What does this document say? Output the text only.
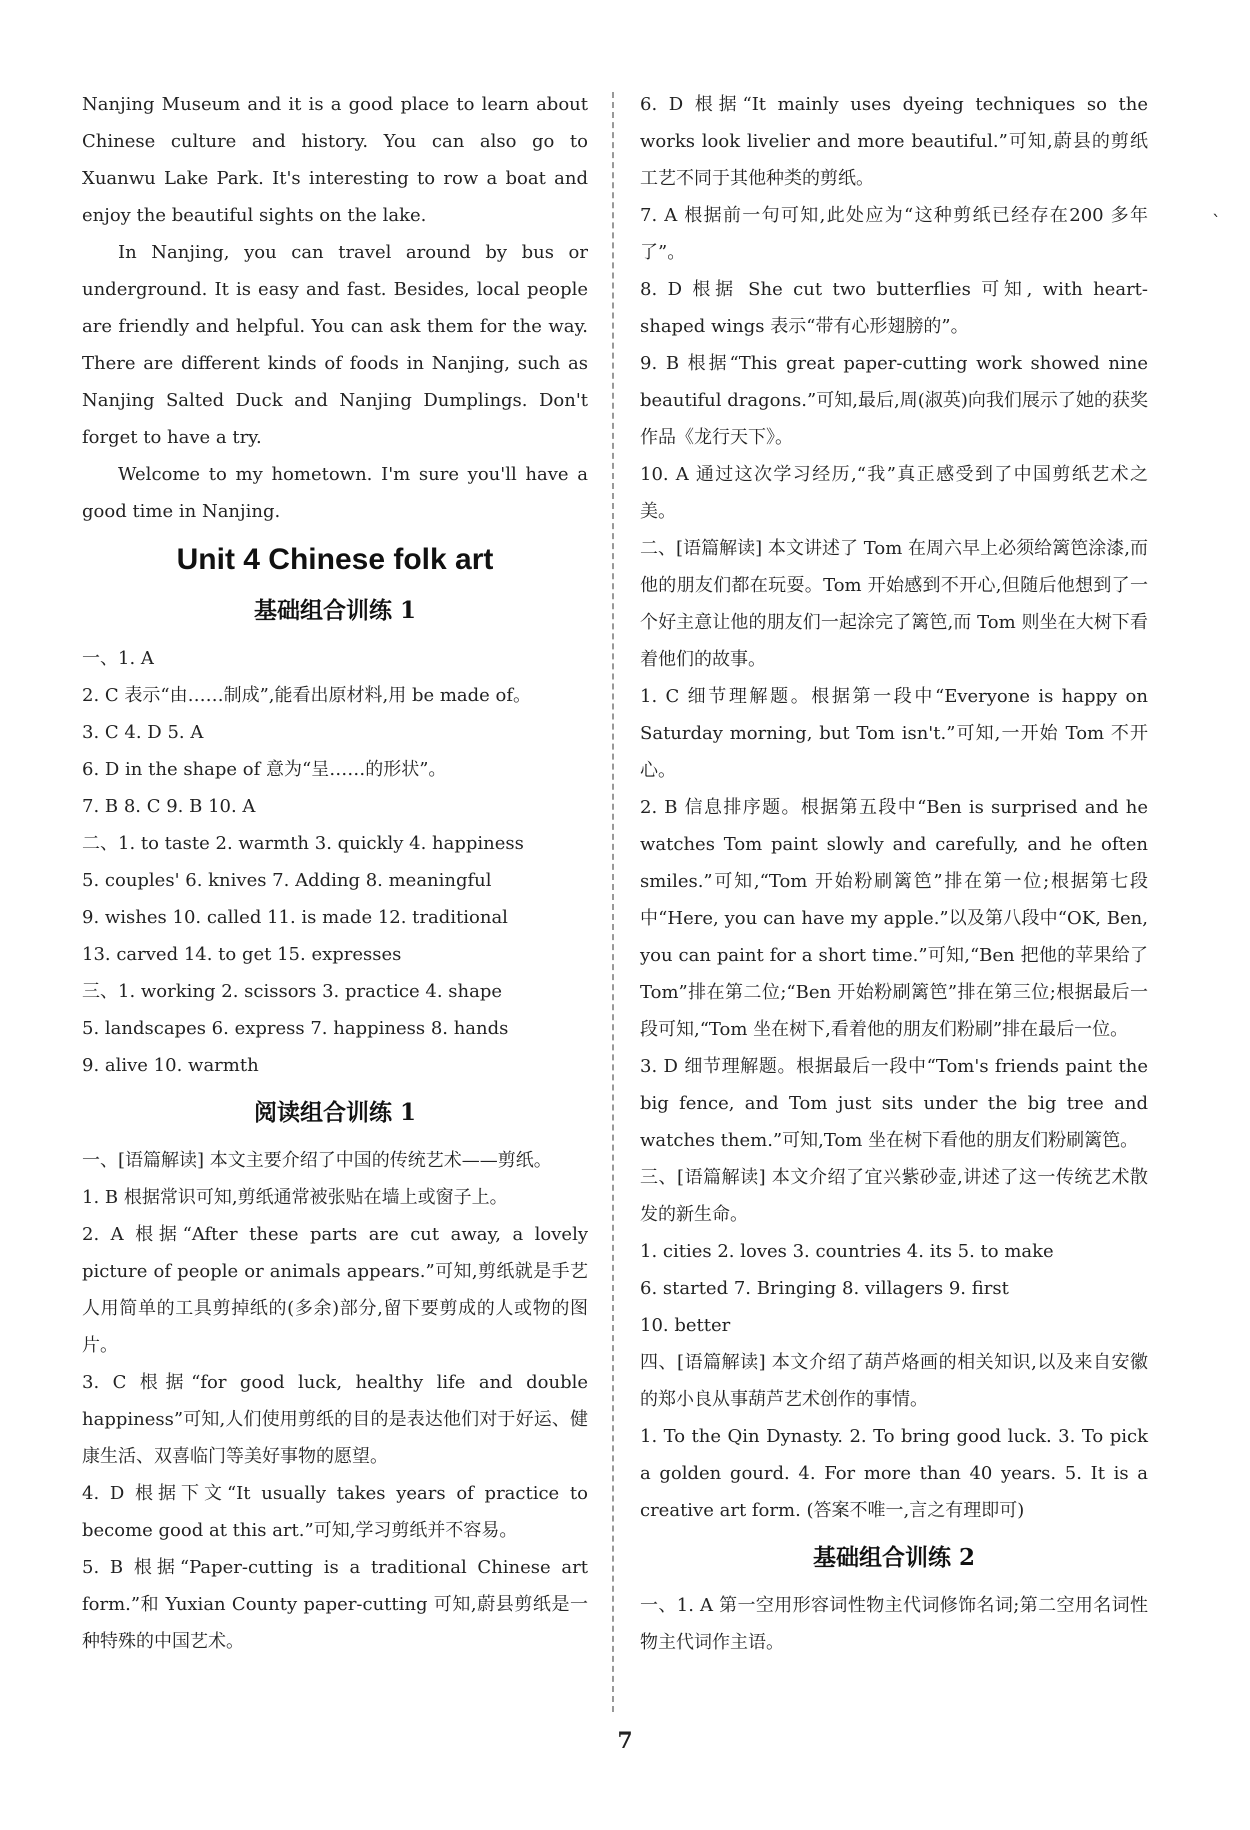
Nanjing Museum and it is a good place to learn about Chinese culture and history. You can also go to Xuanwu Lake Park. It's interesting to row a boat and enjoy the beautiful sights on the lake.

In Nanjing, you can travel around by bus or underground. It is easy and fast. Besides, local people are friendly and helpful. You can ask them for the way. There are different kinds of foods in Nanjing, such as Nanjing Salted Duck and Nanjing Dumplings. Don't forget to have a try.

Welcome to my hometown. I'm sure you'll have a good time in Nanjing.

Unit 4 Chinese folk art
基础组合训练 1

一、1. A

2. C 表示“由……制成”,能看出原材料,用 be made of。

3. C 4. D 5. A

6. D in the shape of 意为“呈……的形状”。

7. B 8. C 9. B 10. A

二、1. to taste 2. warmth 3. quickly 4. happiness

5. couples' 6. knives 7. Adding 8. meaningful

9. wishes 10. called 11. is made 12. traditional

13. carved 14. to get 15. expresses

三、1. working 2. scissors 3. practice 4. shape

5. landscapes 6. express 7. happiness 8. hands

9. alive 10. warmth

阅读组合训练 1

一、[语篇解读] 本文主要介绍了中国的传统艺术——剪纸。

1. B 根据常识可知,剪纸通常被张贴在墙上或窗子上。

2. A 根据“After these parts are cut away, a lovely picture of people or animals appears.”可知,剪纸就是手艺人用简单的工具剪掉纸的(多余)部分,留下要剪成的人或物的图片。

3. C 根据“for good luck, healthy life and double happiness”可知,人们使用剪纸的目的是表达他们对于好运、健康生活、双喜临门等美好事物的愿望。

4. D 根据下文“It usually takes years of practice to become good at this art.”可知,学习剪纸并不容易。

5. B 根据“Paper-cutting is a traditional Chinese art form.”和 Yuxian County paper-cutting 可知,蔚县剪纸是一种特殊的中国艺术。

6. D 根据“It mainly uses dyeing techniques so the works look livelier and more beautiful.”可知,蔚县的剪纸工艺不同于其他种类的剪纸。

7. A 根据前一句可知,此处应为“这种剪纸已经存在200 多年了”。

8. D 根据 She cut two butterflies 可知, with heart-shaped wings 表示“带有心形翅膀的”。

9. B 根据“This great paper-cutting work showed nine beautiful dragons.”可知,最后,周(淑英)向我们展示了她的获奖作品《龙行天下》。

10. A 通过这次学习经历,“我”真正感受到了中国剪纸艺术之美。

二、[语篇解读] 本文讲述了 Tom 在周六早上必须给篱笆涂漆,而他的朋友们都在玩耍。Tom 开始感到不开心,但随后他想到了一个好主意让他的朋友们一起涂完了篱笆,而 Tom 则坐在大树下看着他们的故事。

1. C 细节理解题。根据第一段中“Everyone is happy on Saturday morning, but Tom isn't.”可知,一开始 Tom 不开心。

2. B 信息排序题。根据第五段中“Ben is surprised and he watches Tom paint slowly and carefully, and he often smiles.”可知,“Tom 开始粉刷篱笆”排在第一位;根据第七段中“Here, you can have my apple.”以及第八段中“OK, Ben, you can paint for a short time.”可知,“Ben 把他的苹果给了 Tom”排在第二位;“Ben 开始粉刷篱笆”排在第三位;根据最后一段可知,“Tom 坐在树下,看着他的朋友们粉刷”排在最后一位。

3. D 细节理解题。根据最后一段中“Tom's friends paint the big fence, and Tom just sits under the big tree and watches them.”可知,Tom 坐在树下看他的朋友们粉刷篱笆。

三、[语篇解读] 本文介绍了宜兴紫砂壶,讲述了这一传统艺术散发的新生命。

1. cities 2. loves 3. countries 4. its 5. to make

6. started 7. Bringing 8. villagers 9. first

10. better

四、[语篇解读] 本文介绍了葫芦烙画的相关知识,以及来自安徽的郑小良从事葫芦艺术创作的事情。

1. To the Qin Dynasty. 2. To bring good luck. 3. To pick a golden gourd. 4. For more than 40 years. 5. It is a creative art form. (答案不唯一,言之有理即可)

基础组合训练 2

一、1. A 第一空用形容词性物主代词修饰名词;第二空用名词性物主代词作主语。

`
7
